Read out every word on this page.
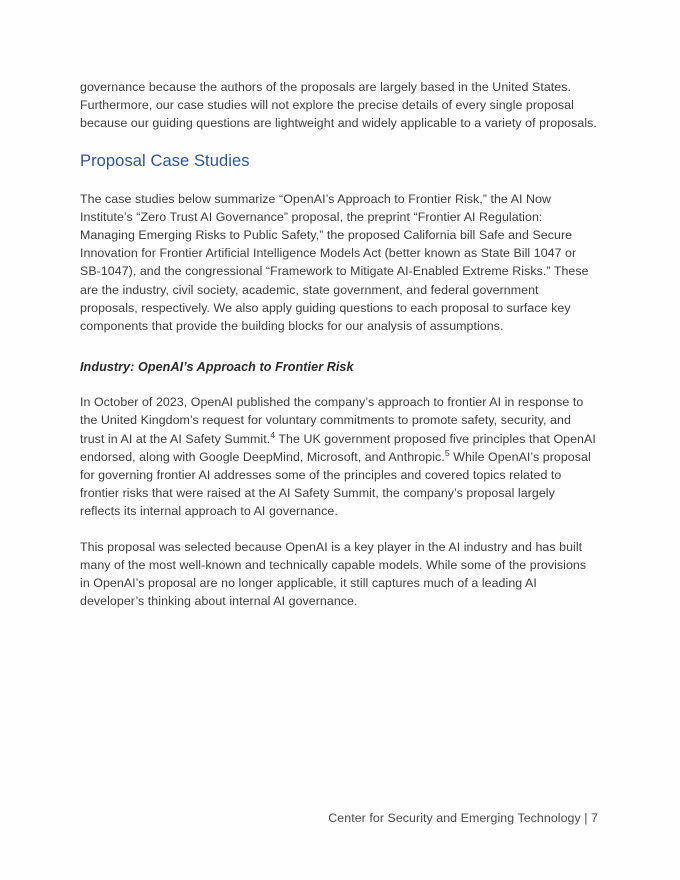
governance because the authors of the proposals are largely based in the United States. Furthermore, our case studies will not explore the precise details of every single proposal because our guiding questions are lightweight and widely applicable to a variety of proposals.

Proposal Case Studies

The case studies below summarize “OpenAI’s Approach to Frontier Risk,” the AI Now Institute’s “Zero Trust AI Governance” proposal, the preprint “Frontier AI Regulation: Managing Emerging Risks to Public Safety,” the proposed California bill Safe and Secure Innovation for Frontier Artificial Intelligence Models Act (better known as State Bill 1047 or SB-1047), and the congressional “Framework to Mitigate AI-Enabled Extreme Risks.” These are the industry, civil society, academic, state government, and federal government proposals, respectively. We also apply guiding questions to each proposal to surface key components that provide the building blocks for our analysis of assumptions.

Industry: OpenAI’s Approach to Frontier Risk

In October of 2023, OpenAI published the company’s approach to frontier AI in response to the United Kingdom’s request for voluntary commitments to promote safety, security, and trust in AI at the AI Safety Summit.$^4$ The UK government proposed five principles that OpenAI endorsed, along with Google DeepMind, Microsoft, and Anthropic.$^5$ While OpenAI’s proposal for governing frontier AI addresses some of the principles and covered topics related to frontier risks that were raised at the AI Safety Summit, the company’s proposal largely reflects its internal approach to AI governance.

This proposal was selected because OpenAI is a key player in the AI industry and has built many of the most well-known and technically capable models. While some of the provisions in OpenAI’s proposal are no longer applicable, it still captures much of a leading AI developer’s thinking about internal AI governance.

Center for Security and Emerging Technology | 7
